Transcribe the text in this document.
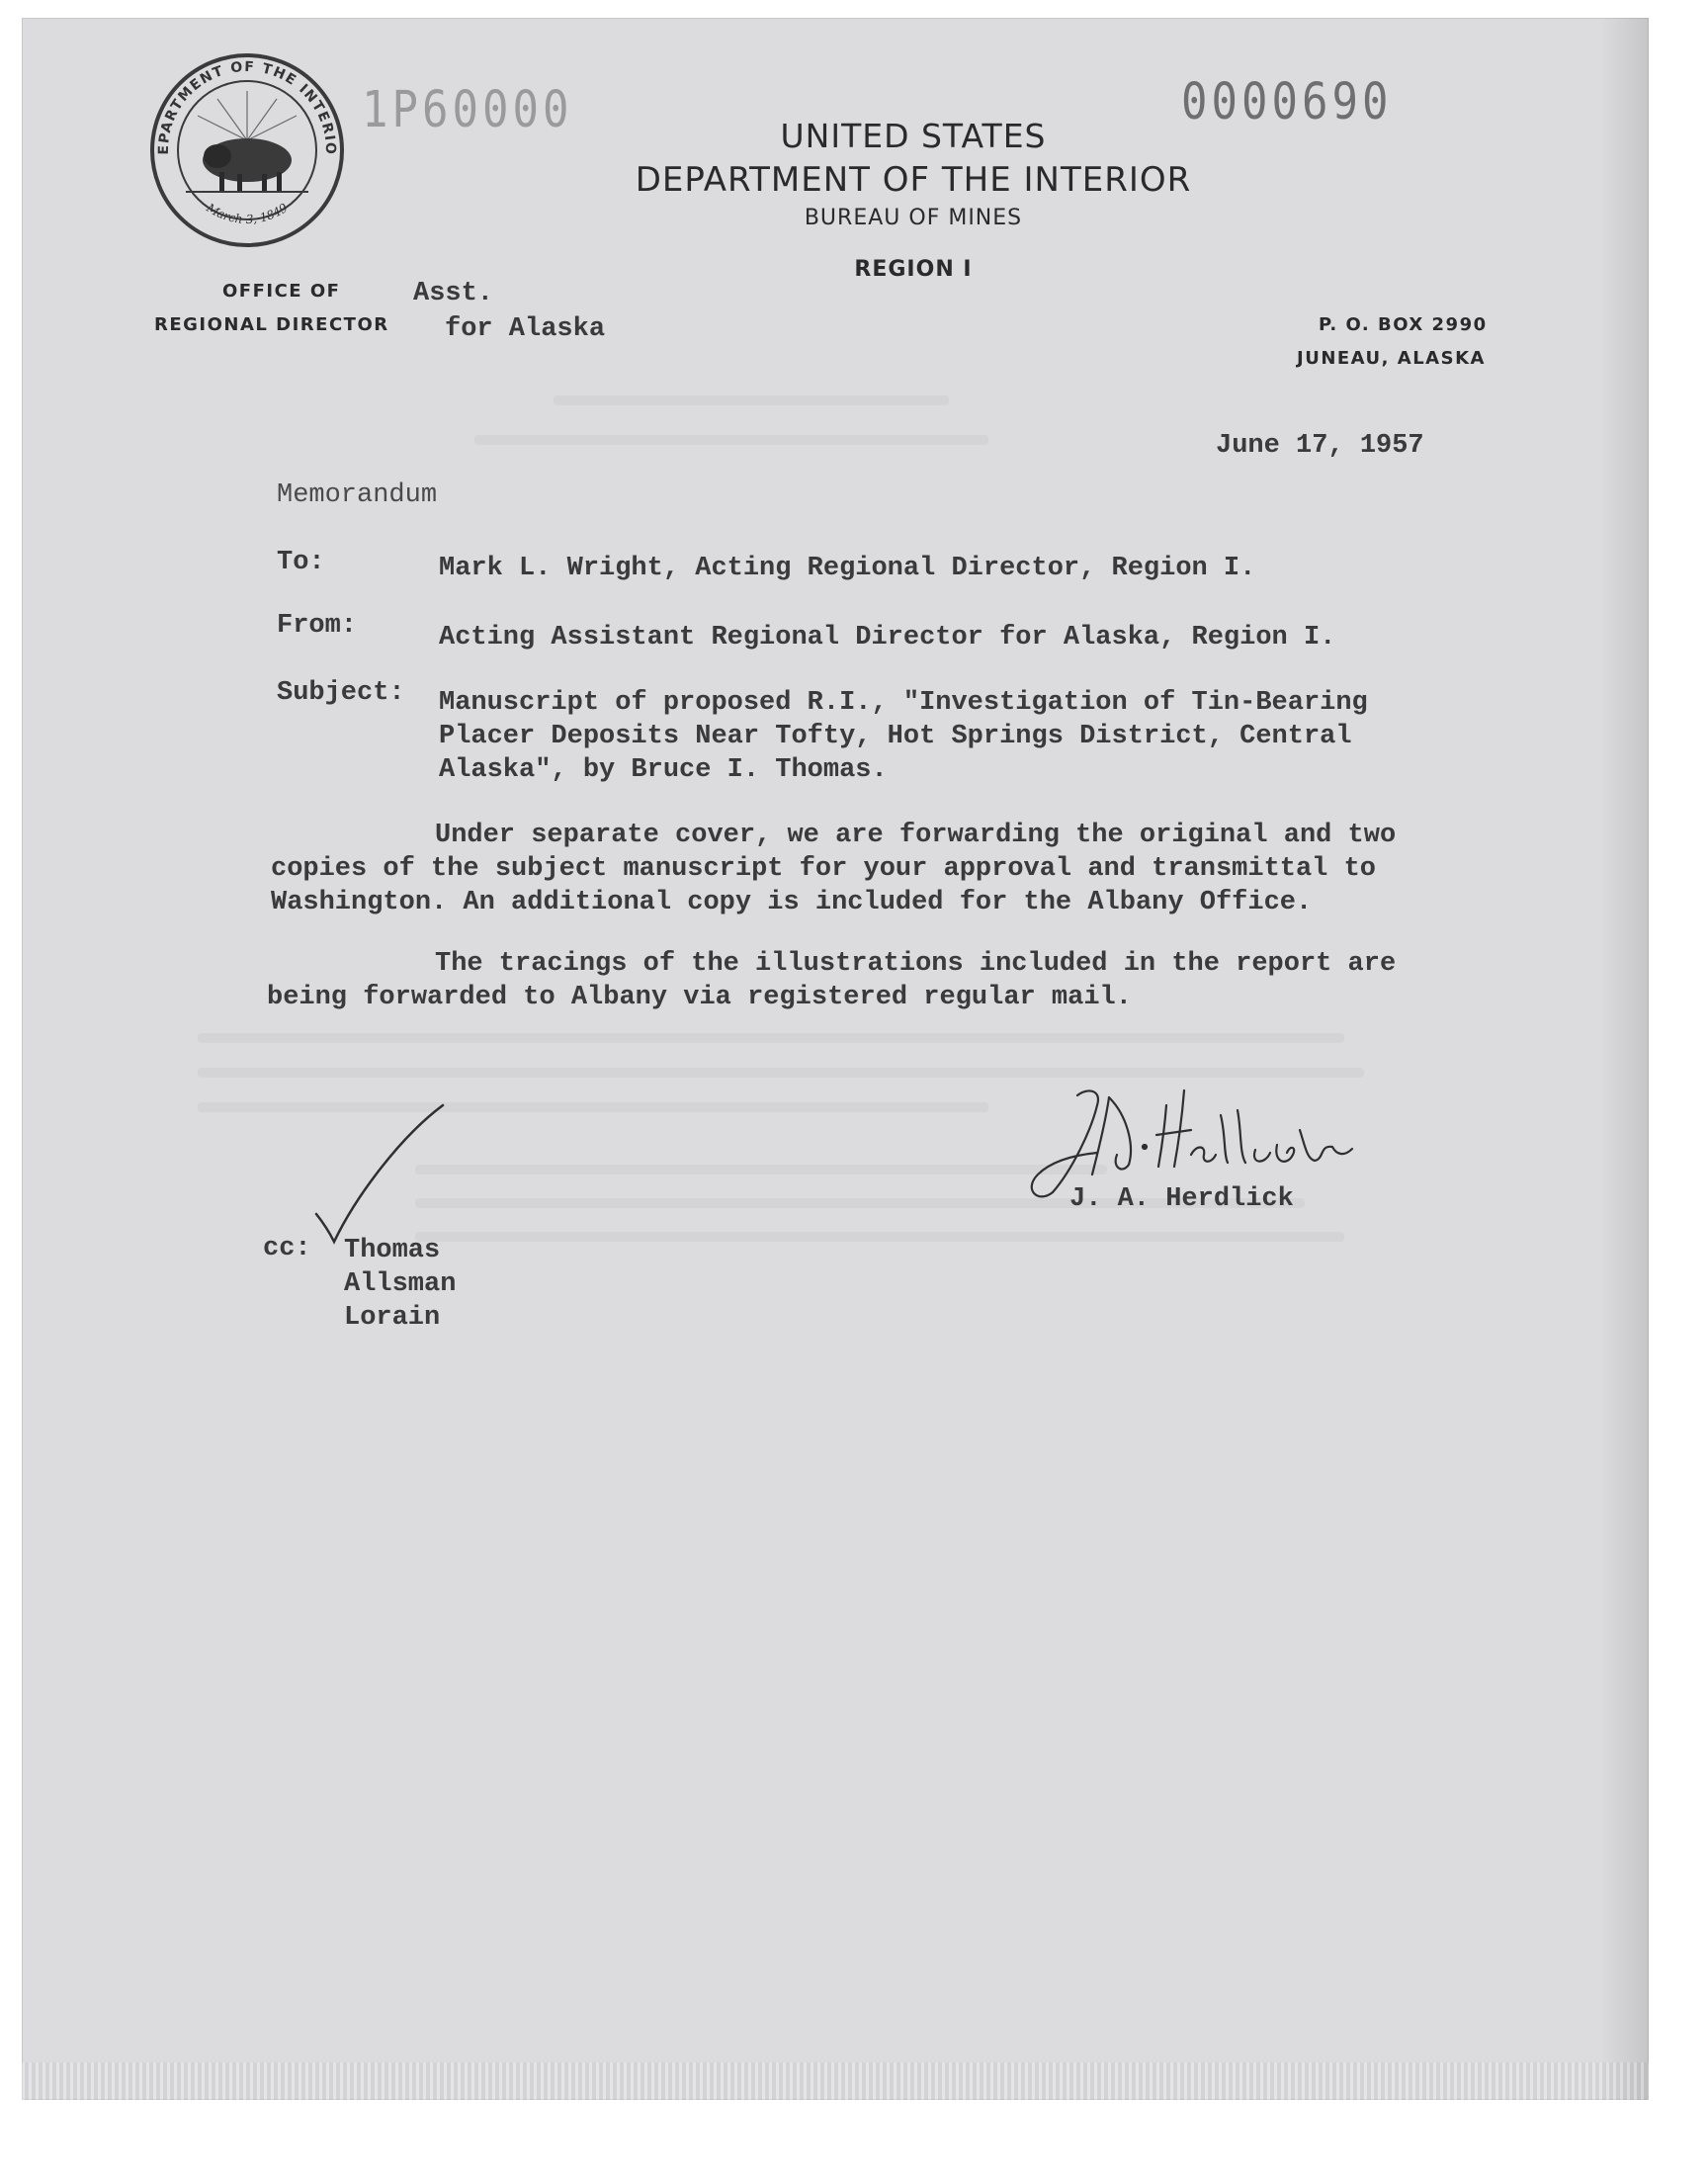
EPARTMENT OF THE INTERIO
March 3, 1849
1P60000	0000690
UNITED STATES
DEPARTMENT OF THE INTERIOR
BUREAU OF MINES
REGION I
OFFICE OF
REGIONAL DIRECTOR
Asst.
for Alaska	P. O. BOX 2990
JUNEAU, ALASKA
June 17, 1957
Memorandum
To:	Mark L. Wright, Acting Regional Director, Region I.
From:	Acting Assistant Regional Director for Alaska, Region I.
Subject: Manuscript of proposed R.I., "Investigation of Tin-Bearing
Placer Deposits Near Tofty, Hot Springs District, Central
Alaska", by Bruce I. Thomas.
Under separate cover, we are forwarding the original and two
copies of the subject manuscript for your approval and transmittal to
Washington. An additional copy is included for the Albany Office.
The tracings of the illustrations included in the report are
being forwarded to Albany via registered regular mail.
J. A. Herdlick
cc: Thomas
Allsman
Lorain
